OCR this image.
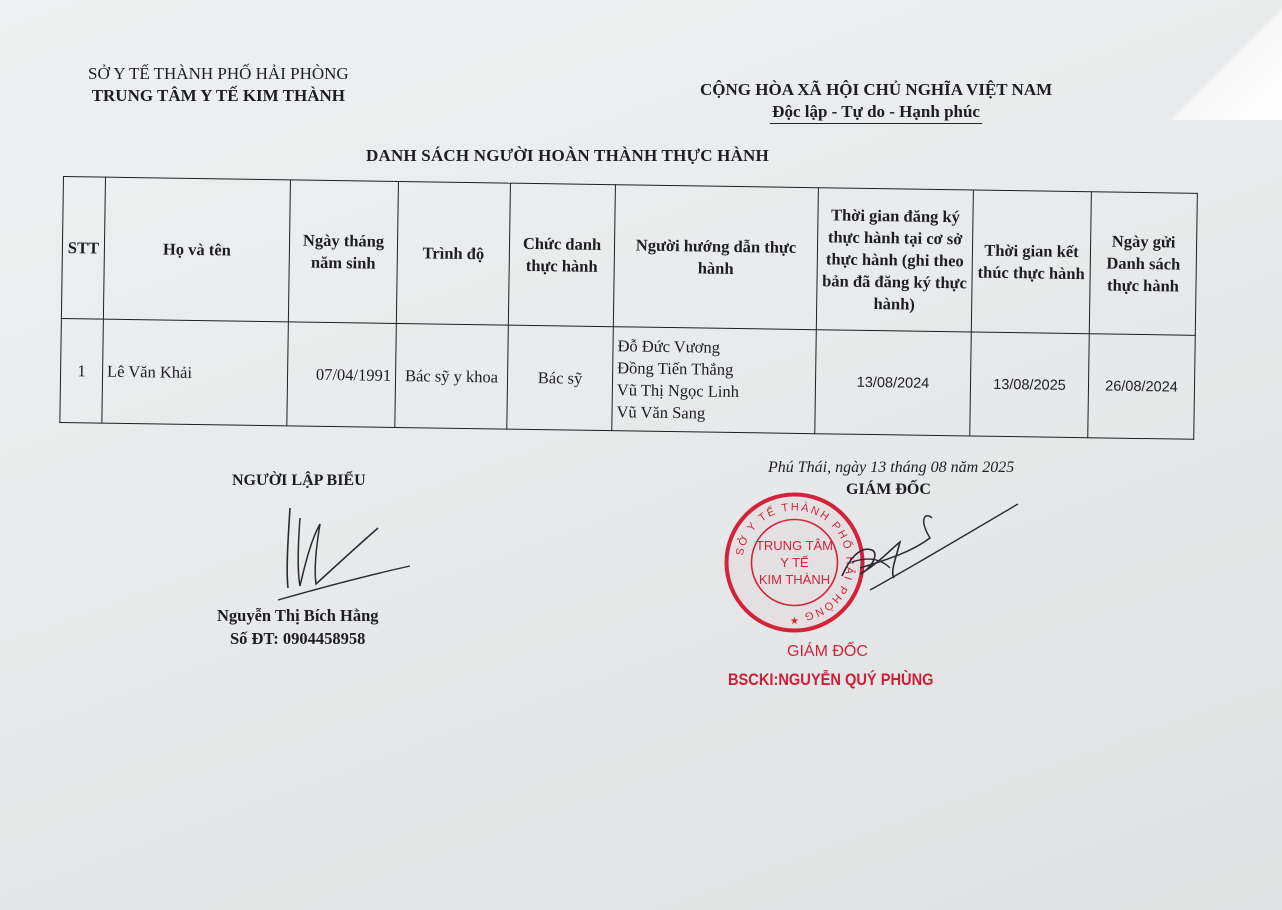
SỞ Y TẾ THÀNH PHỐ HẢI PHÒNG
TRUNG TÂM Y TẾ KIM THÀNH	CỘNG HÒA XÃ HỘI CHỦ NGHĨA VIỆT NAM
Độc lập - Tự do - Hạnh phúc
DANH SÁCH NGƯỜI HOÀN THÀNH THỰC HÀNH
STT	Họ và tên	Ngày tháng năm sinh	Trình độ	Chức danh thực hành	Người hướng dẫn thực hành	Thời gian đăng ký thực hành tại cơ sở thực hành (ghi theo bản đã đăng ký thực hành)	Thời gian kết thúc thực hành	Ngày gửi Danh sách thực hành
1	Lê Văn Khải	07/04/1991	Bác sỹ y khoa	Bác sỹ	Đỗ Đức Vương
Đồng Tiến Thắng
Vũ Thị Ngọc Linh
Vũ Văn Sang	13/08/2024	13/08/2025	26/08/2024
NGƯỜI LẬP BIỂU
Nguyễn Thị Bích Hằng
Số ĐT: 0904458958
Phú Thái, ngày 13 tháng 08 năm 2025
GIÁM ĐỐC
SỞ Y TẾ THÀNH PHỐ HẢI PHÒNG
TRUNG TÂM
Y TẾ
KIM THÀNH
★
GIÁM ĐỐC
BSCKI:NGUYỄN QUÝ PHÙNG
